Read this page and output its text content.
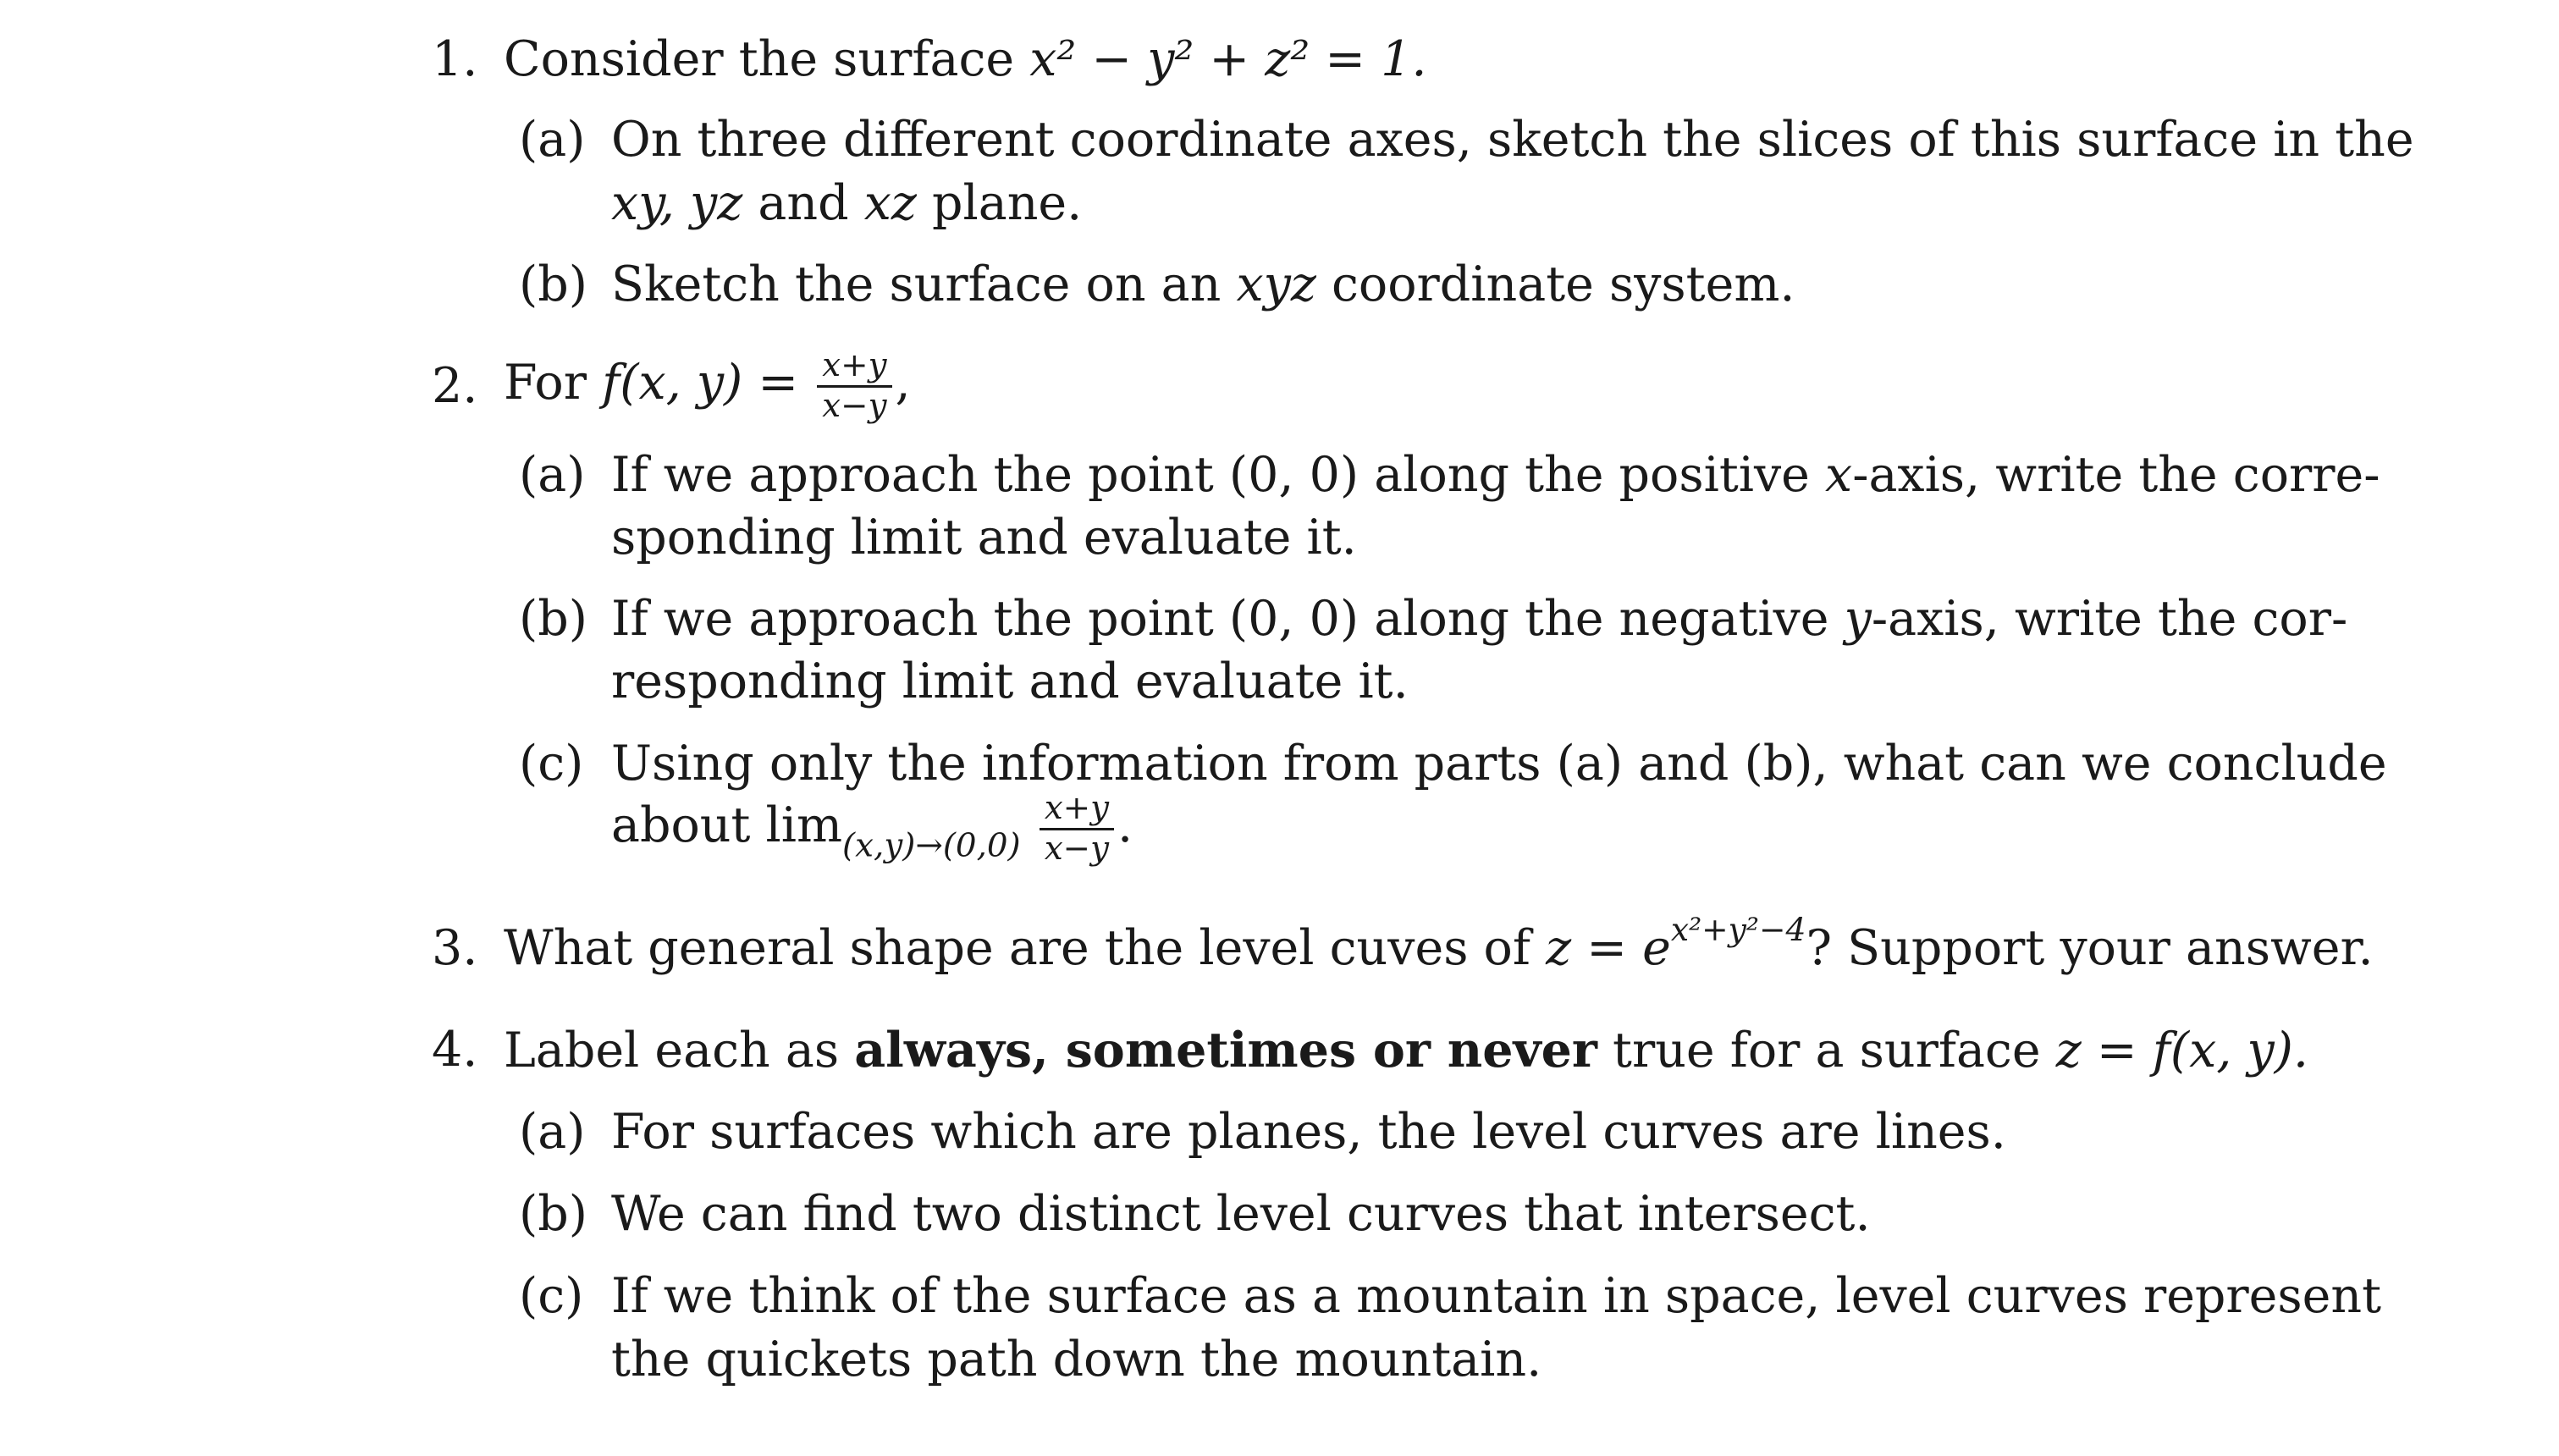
1. Consider the surface x² − y² + z² = 1.
(a) On three different coordinate axes, sketch the slices of this surface in the
xy, yz and xz plane.
(b) Sketch the surface on an xyz coordinate system.
2. For f(x, $y) = \frac{x+y}{x-y}$ ,
(a) If we approach the point (0, 0) along the positive x-axis, write the corre-
sponding limit and evaluate it.
(b) If we approach the point (0, 0) along the negative y-axis, write the cor-
responding limit and evaluate it.
(c) Using only the information from parts (a) and (b), what can we conclude
about $\lim_{(x,y)\to(0,0)} \frac{x+y}{x-y}$ .
3. What general shape are the level cuves of $z = e^{x^2+y^2-4}$? Support your answer.
4. Label each as always, sometimes or never true for a surface z = f(x, y).
(a) For surfaces which are planes, the level curves are lines.
(b) We can find two distinct level curves that intersect.
(c) If we think of the surface as a mountain in space, level curves represent
the quickets path down the mountain.
